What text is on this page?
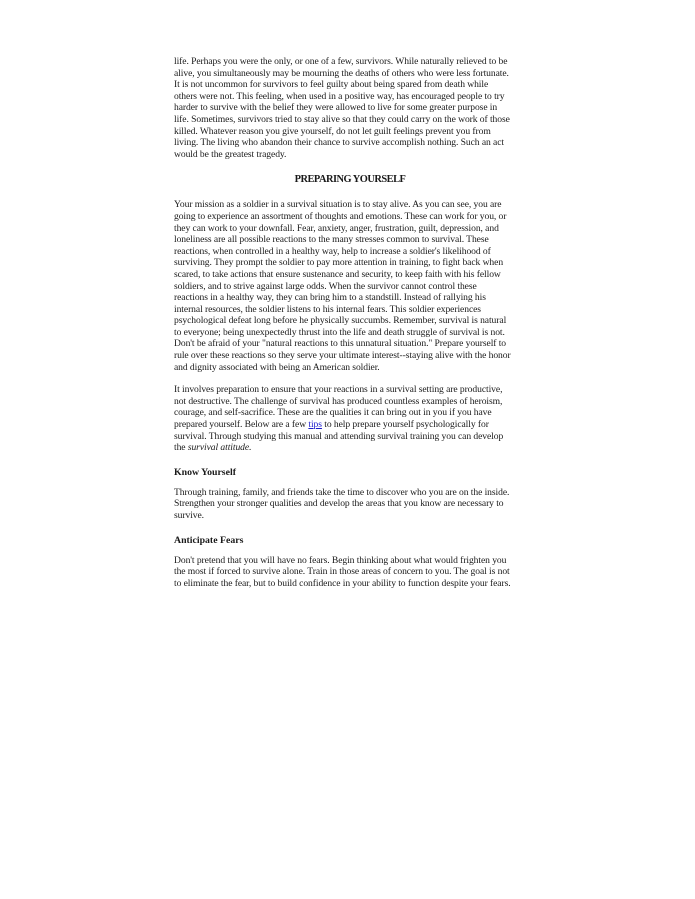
life. Perhaps you were the only, or one of a few, survivors. While naturally relieved to be
alive, you simultaneously may be mourning the deaths of others who were less fortunate.
It is not uncommon for survivors to feel guilty about being spared from death while
others were not. This feeling, when used in a positive way, has encouraged people to try
harder to survive with the belief they were allowed to live for some greater purpose in
life. Sometimes, survivors tried to stay alive so that they could carry on the work of those
killed. Whatever reason you give yourself, do not let guilt feelings prevent you from
living. The living who abandon their chance to survive accomplish nothing. Such an act
would be the greatest tragedy.
PREPARING YOURSELF
Your mission as a soldier in a survival situation is to stay alive. As you can see, you are
going to experience an assortment of thoughts and emotions. These can work for you, or
they can work to your downfall. Fear, anxiety, anger, frustration, guilt, depression, and
loneliness are all possible reactions to the many stresses common to survival. These
reactions, when controlled in a healthy way, help to increase a soldier's likelihood of
surviving. They prompt the soldier to pay more attention in training, to fight back when
scared, to take actions that ensure sustenance and security, to keep faith with his fellow
soldiers, and to strive against large odds. When the survivor cannot control these
reactions in a healthy way, they can bring him to a standstill. Instead of rallying his
internal resources, the soldier listens to his internal fears. This soldier experiences
psychological defeat long before he physically succumbs. Remember, survival is natural
to everyone; being unexpectedly thrust into the life and death struggle of survival is not.
Don't be afraid of your "natural reactions to this unnatural situation." Prepare yourself to
rule over these reactions so they serve your ultimate interest--staying alive with the honor
and dignity associated with being an American soldier.
It involves preparation to ensure that your reactions in a survival setting are productive,
not destructive. The challenge of survival has produced countless examples of heroism,
courage, and self-sacrifice. These are the qualities it can bring out in you if you have
prepared yourself. Below are a few tips to help prepare yourself psychologically for
survival. Through studying this manual and attending survival training you can develop
the survival attitude.
Know Yourself
Through training, family, and friends take the time to discover who you are on the inside.
Strengthen your stronger qualities and develop the areas that you know are necessary to
survive.
Anticipate Fears
Don't pretend that you will have no fears. Begin thinking about what would frighten you
the most if forced to survive alone. Train in those areas of concern to you. The goal is not
to eliminate the fear, but to build confidence in your ability to function despite your fears.
